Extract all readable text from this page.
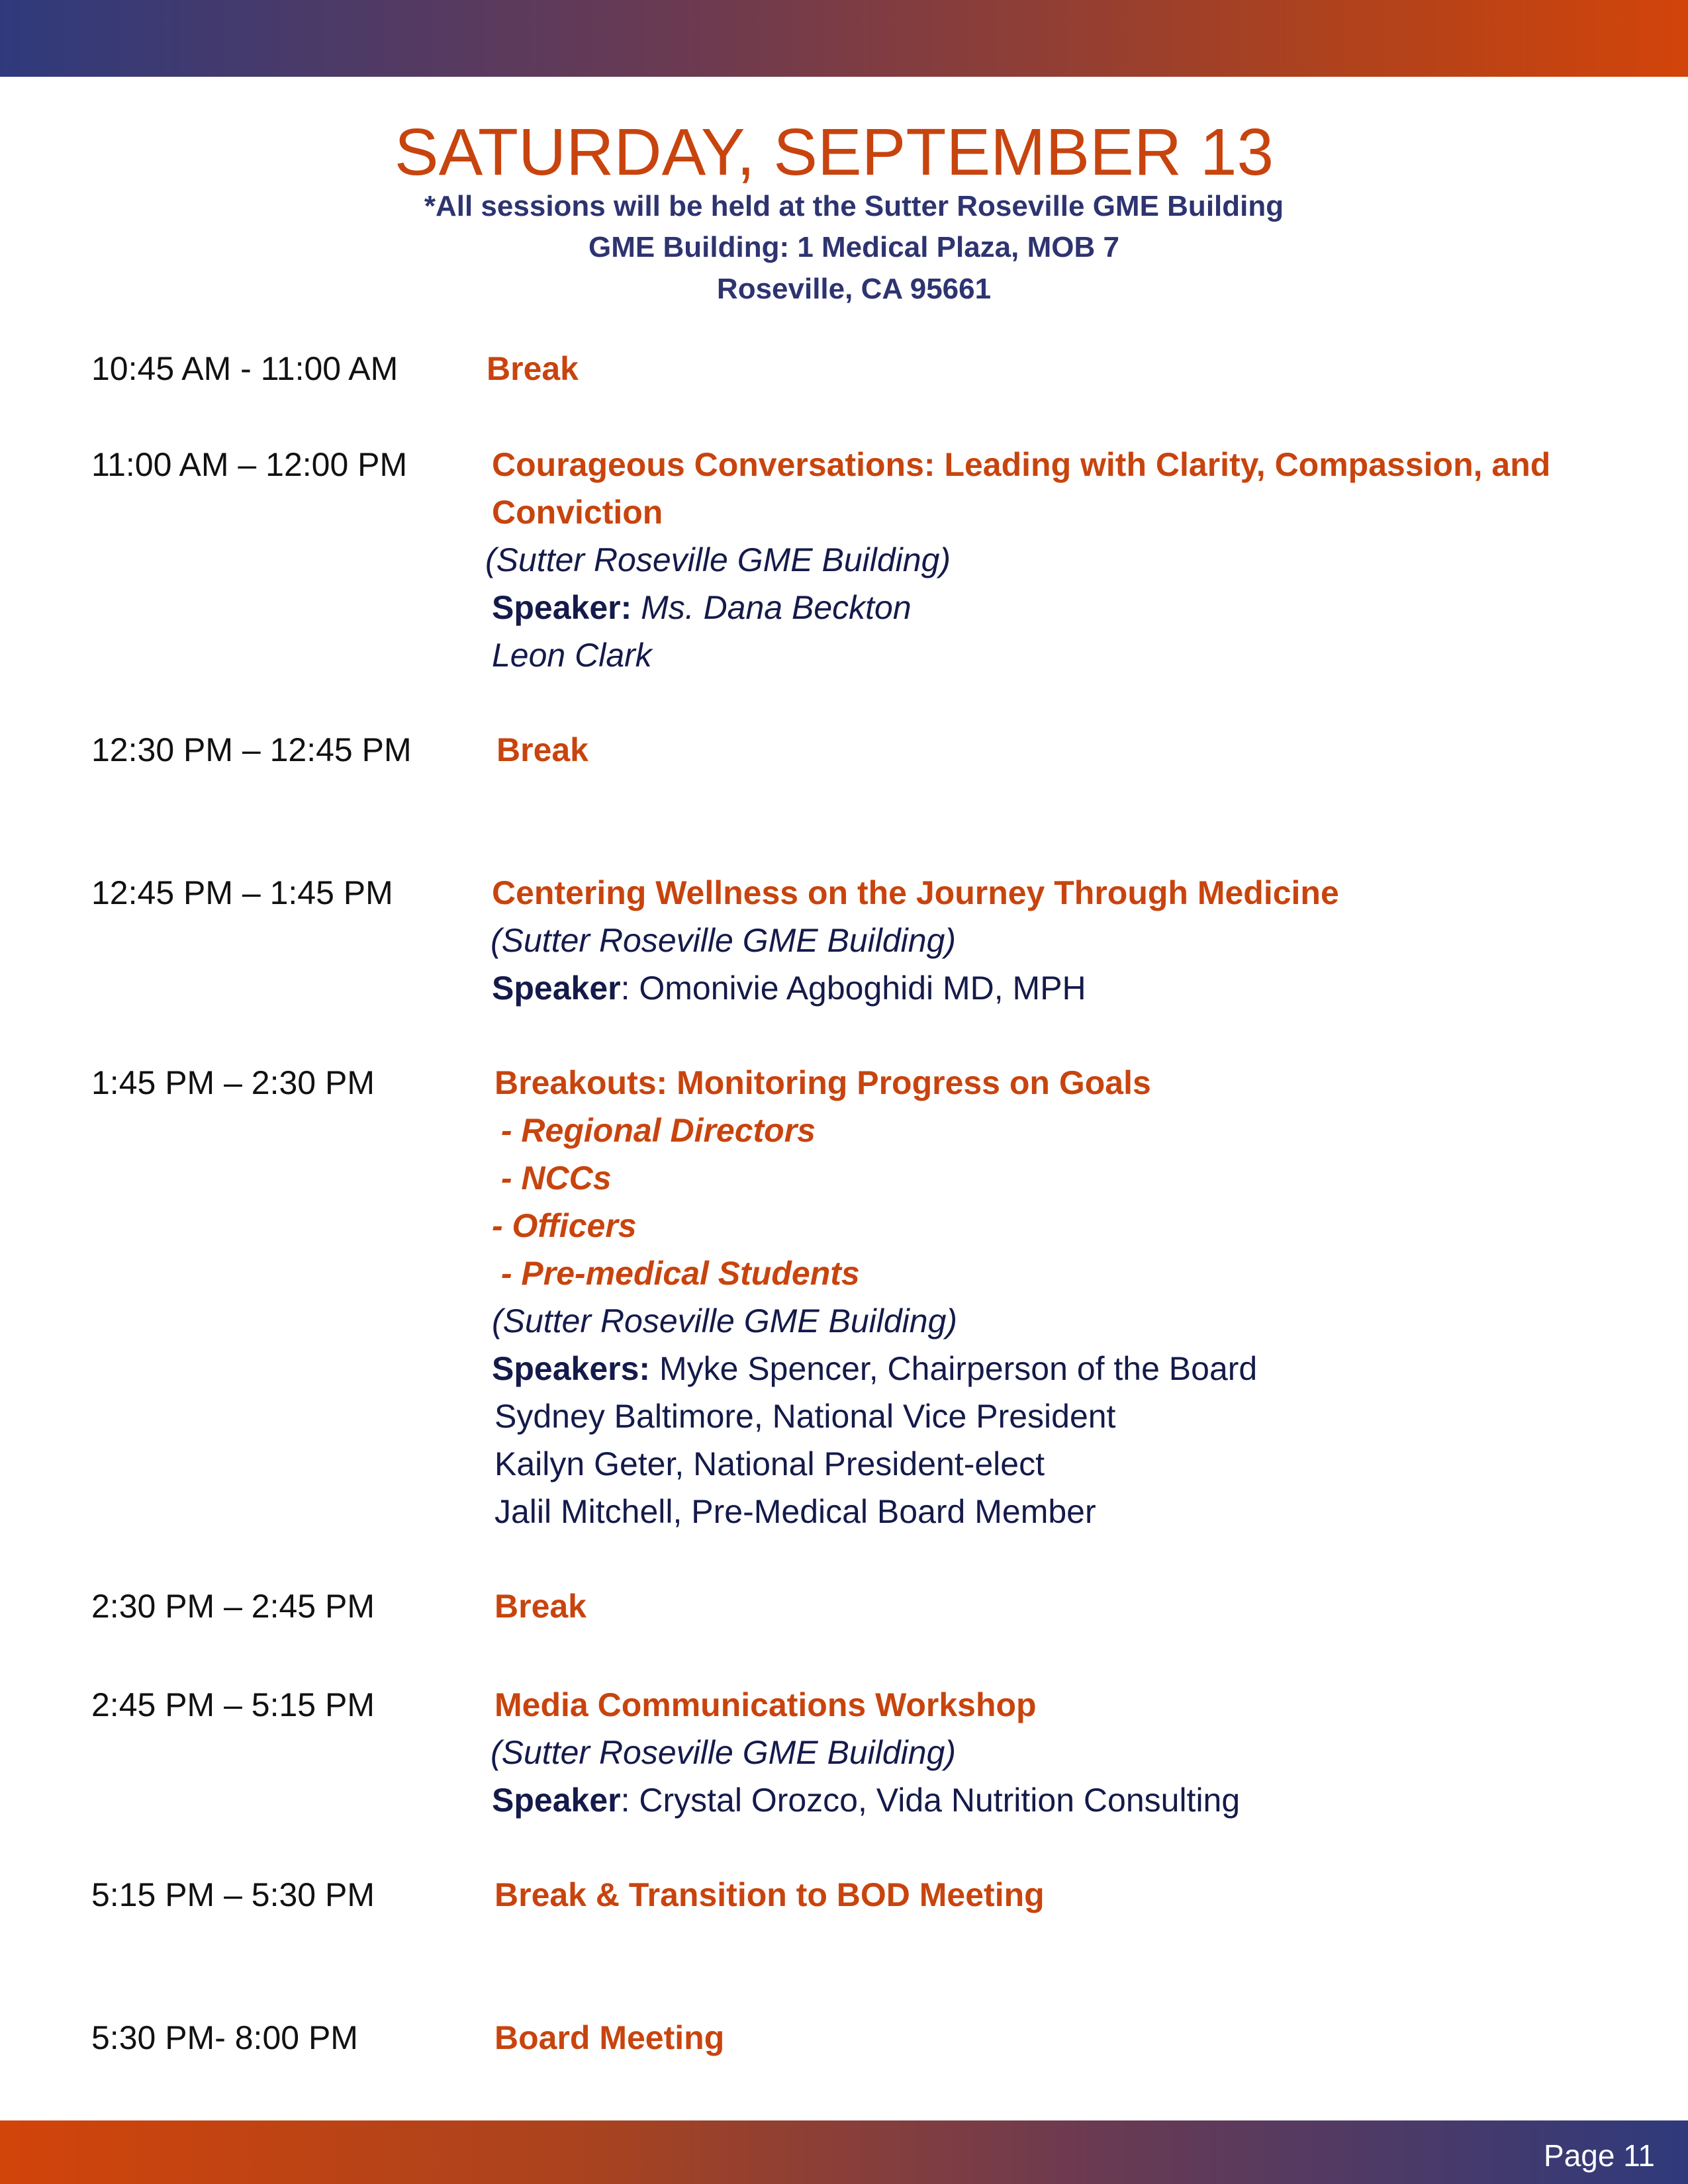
SATURDAY, SEPTEMBER 13
*All sessions will be held at the Sutter Roseville GME Building
GME Building: 1 Medical Plaza, MOB 7
Roseville, CA 95661
10:45 AM - 11:00 AM	Break
11:00 AM – 12:00 PM	Courageous Conversations: Leading with Clarity, Compassion, and
Conviction
(Sutter Roseville GME Building)
Speaker: Ms. Dana Beckton
Leon Clark
12:30 PM – 12:45 PM	Break
12:45 PM – 1:45 PM	Centering Wellness on the Journey Through Medicine
(Sutter Roseville GME Building)
Speaker: Omonivie Agboghidi MD, MPH
1:45 PM – 2:30 PM	Breakouts: Monitoring Progress on Goals
- Regional Directors
- NCCs
- Officers
- Pre-medical Students
(Sutter Roseville GME Building)
Speakers: Myke Spencer, Chairperson of the Board
Sydney Baltimore, National Vice President
Kailyn Geter, National President-elect
Jalil Mitchell, Pre-Medical Board Member
2:30 PM – 2:45 PM	Break
2:45 PM – 5:15 PM	Media Communications Workshop
(Sutter Roseville GME Building)
Speaker: Crystal Orozco, Vida Nutrition Consulting
5:15 PM – 5:30 PM	Break & Transition to BOD Meeting
5:30 PM- 8:00 PM	Board Meeting
Page 11
